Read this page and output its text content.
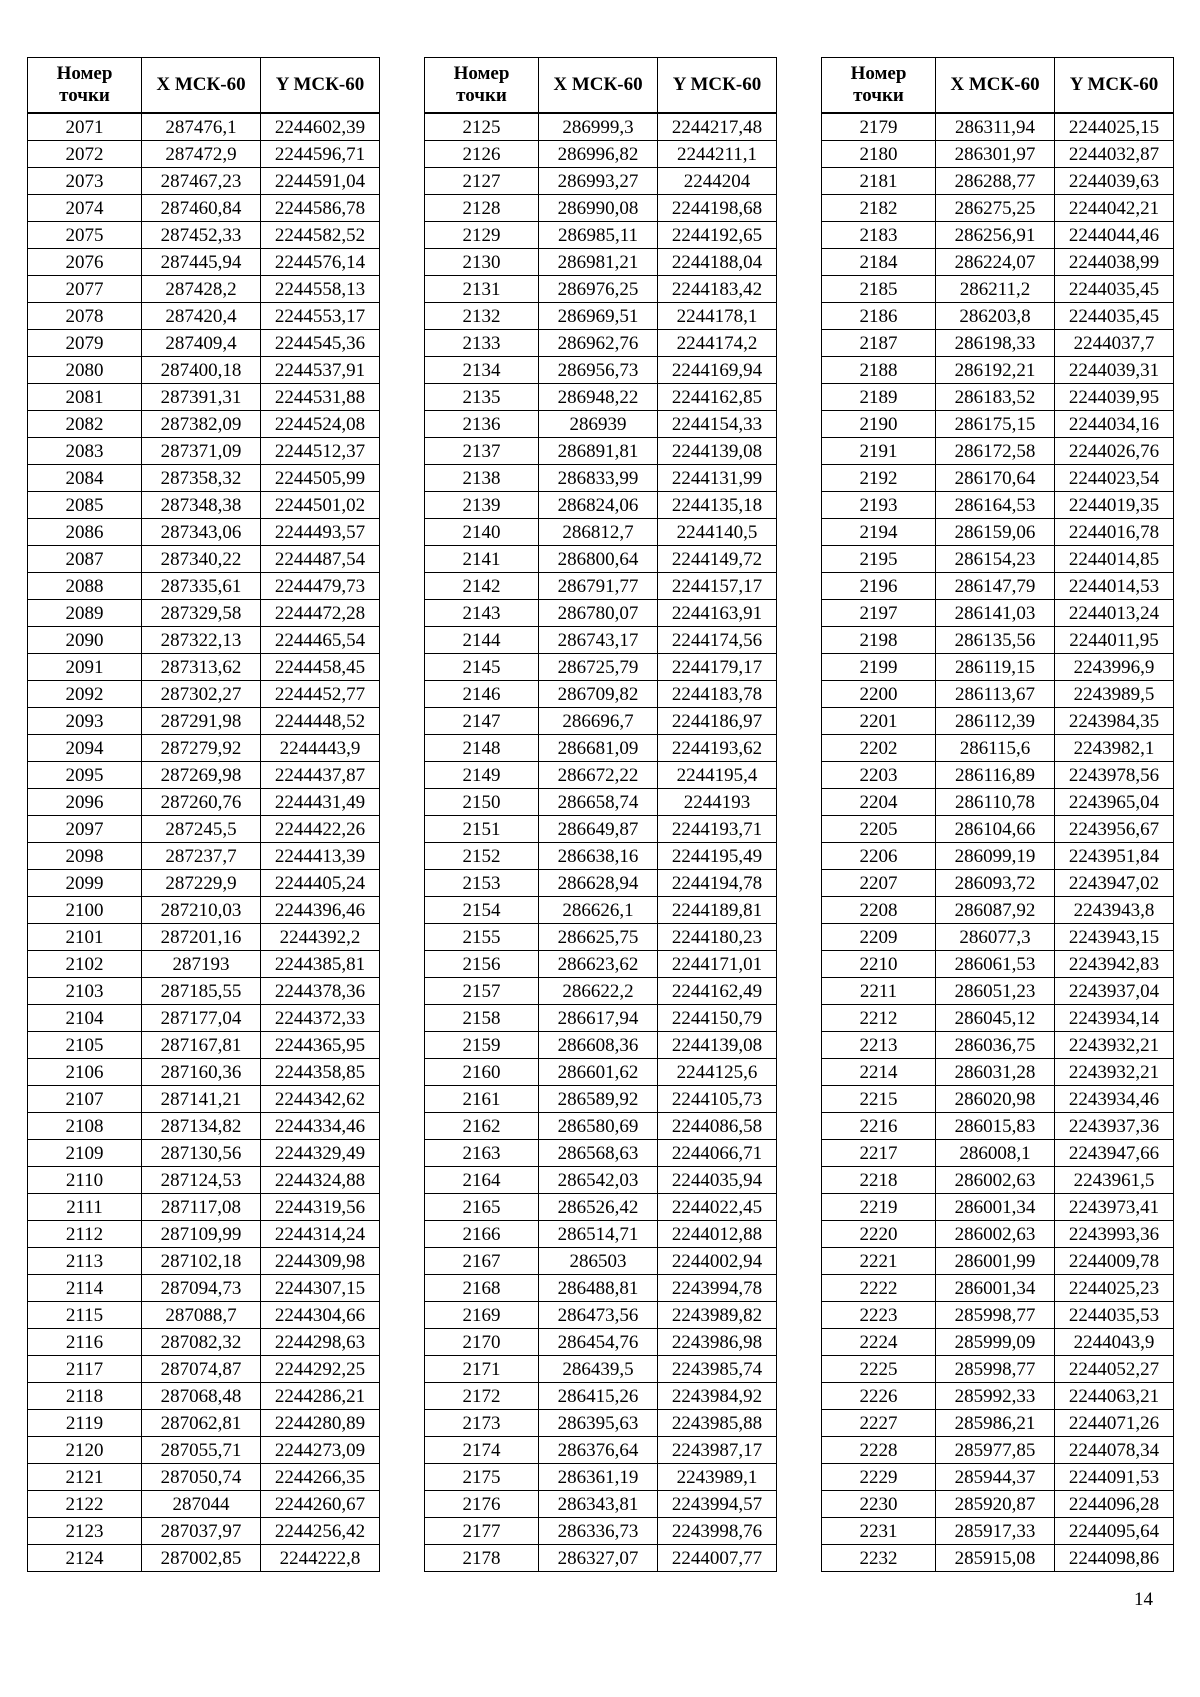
Номер
точки	X МСК-60	Y МСК-60
2071	287476,1	2244602,39
2072	287472,9	2244596,71
2073	287467,23	2244591,04
2074	287460,84	2244586,78
2075	287452,33	2244582,52
2076	287445,94	2244576,14
2077	287428,2	2244558,13
2078	287420,4	2244553,17
2079	287409,4	2244545,36
2080	287400,18	2244537,91
2081	287391,31	2244531,88
2082	287382,09	2244524,08
2083	287371,09	2244512,37
2084	287358,32	2244505,99
2085	287348,38	2244501,02
2086	287343,06	2244493,57
2087	287340,22	2244487,54
2088	287335,61	2244479,73
2089	287329,58	2244472,28
2090	287322,13	2244465,54
2091	287313,62	2244458,45
2092	287302,27	2244452,77
2093	287291,98	2244448,52
2094	287279,92	2244443,9
2095	287269,98	2244437,87
2096	287260,76	2244431,49
2097	287245,5	2244422,26
2098	287237,7	2244413,39
2099	287229,9	2244405,24
2100	287210,03	2244396,46
2101	287201,16	2244392,2
2102	287193	2244385,81
2103	287185,55	2244378,36
2104	287177,04	2244372,33
2105	287167,81	2244365,95
2106	287160,36	2244358,85
2107	287141,21	2244342,62
2108	287134,82	2244334,46
2109	287130,56	2244329,49
2110	287124,53	2244324,88
2111	287117,08	2244319,56
2112	287109,99	2244314,24
2113	287102,18	2244309,98
2114	287094,73	2244307,15
2115	287088,7	2244304,66
2116	287082,32	2244298,63
2117	287074,87	2244292,25
2118	287068,48	2244286,21
2119	287062,81	2244280,89
2120	287055,71	2244273,09
2121	287050,74	2244266,35
2122	287044	2244260,67
2123	287037,97	2244256,42
2124	287002,85	2244222,8
Номер
точки	X МСК-60	Y МСК-60
2125	286999,3	2244217,48
2126	286996,82	2244211,1
2127	286993,27	2244204
2128	286990,08	2244198,68
2129	286985,11	2244192,65
2130	286981,21	2244188,04
2131	286976,25	2244183,42
2132	286969,51	2244178,1
2133	286962,76	2244174,2
2134	286956,73	2244169,94
2135	286948,22	2244162,85
2136	286939	2244154,33
2137	286891,81	2244139,08
2138	286833,99	2244131,99
2139	286824,06	2244135,18
2140	286812,7	2244140,5
2141	286800,64	2244149,72
2142	286791,77	2244157,17
2143	286780,07	2244163,91
2144	286743,17	2244174,56
2145	286725,79	2244179,17
2146	286709,82	2244183,78
2147	286696,7	2244186,97
2148	286681,09	2244193,62
2149	286672,22	2244195,4
2150	286658,74	2244193
2151	286649,87	2244193,71
2152	286638,16	2244195,49
2153	286628,94	2244194,78
2154	286626,1	2244189,81
2155	286625,75	2244180,23
2156	286623,62	2244171,01
2157	286622,2	2244162,49
2158	286617,94	2244150,79
2159	286608,36	2244139,08
2160	286601,62	2244125,6
2161	286589,92	2244105,73
2162	286580,69	2244086,58
2163	286568,63	2244066,71
2164	286542,03	2244035,94
2165	286526,42	2244022,45
2166	286514,71	2244012,88
2167	286503	2244002,94
2168	286488,81	2243994,78
2169	286473,56	2243989,82
2170	286454,76	2243986,98
2171	286439,5	2243985,74
2172	286415,26	2243984,92
2173	286395,63	2243985,88
2174	286376,64	2243987,17
2175	286361,19	2243989,1
2176	286343,81	2243994,57
2177	286336,73	2243998,76
2178	286327,07	2244007,77
Номер
точки	X МСК-60	Y МСК-60
2179	286311,94	2244025,15
2180	286301,97	2244032,87
2181	286288,77	2244039,63
2182	286275,25	2244042,21
2183	286256,91	2244044,46
2184	286224,07	2244038,99
2185	286211,2	2244035,45
2186	286203,8	2244035,45
2187	286198,33	2244037,7
2188	286192,21	2244039,31
2189	286183,52	2244039,95
2190	286175,15	2244034,16
2191	286172,58	2244026,76
2192	286170,64	2244023,54
2193	286164,53	2244019,35
2194	286159,06	2244016,78
2195	286154,23	2244014,85
2196	286147,79	2244014,53
2197	286141,03	2244013,24
2198	286135,56	2244011,95
2199	286119,15	2243996,9
2200	286113,67	2243989,5
2201	286112,39	2243984,35
2202	286115,6	2243982,1
2203	286116,89	2243978,56
2204	286110,78	2243965,04
2205	286104,66	2243956,67
2206	286099,19	2243951,84
2207	286093,72	2243947,02
2208	286087,92	2243943,8
2209	286077,3	2243943,15
2210	286061,53	2243942,83
2211	286051,23	2243937,04
2212	286045,12	2243934,14
2213	286036,75	2243932,21
2214	286031,28	2243932,21
2215	286020,98	2243934,46
2216	286015,83	2243937,36
2217	286008,1	2243947,66
2218	286002,63	2243961,5
2219	286001,34	2243973,41
2220	286002,63	2243993,36
2221	286001,99	2244009,78
2222	286001,34	2244025,23
2223	285998,77	2244035,53
2224	285999,09	2244043,9
2225	285998,77	2244052,27
2226	285992,33	2244063,21
2227	285986,21	2244071,26
2228	285977,85	2244078,34
2229	285944,37	2244091,53
2230	285920,87	2244096,28
2231	285917,33	2244095,64
2232	285915,08	2244098,86
14
